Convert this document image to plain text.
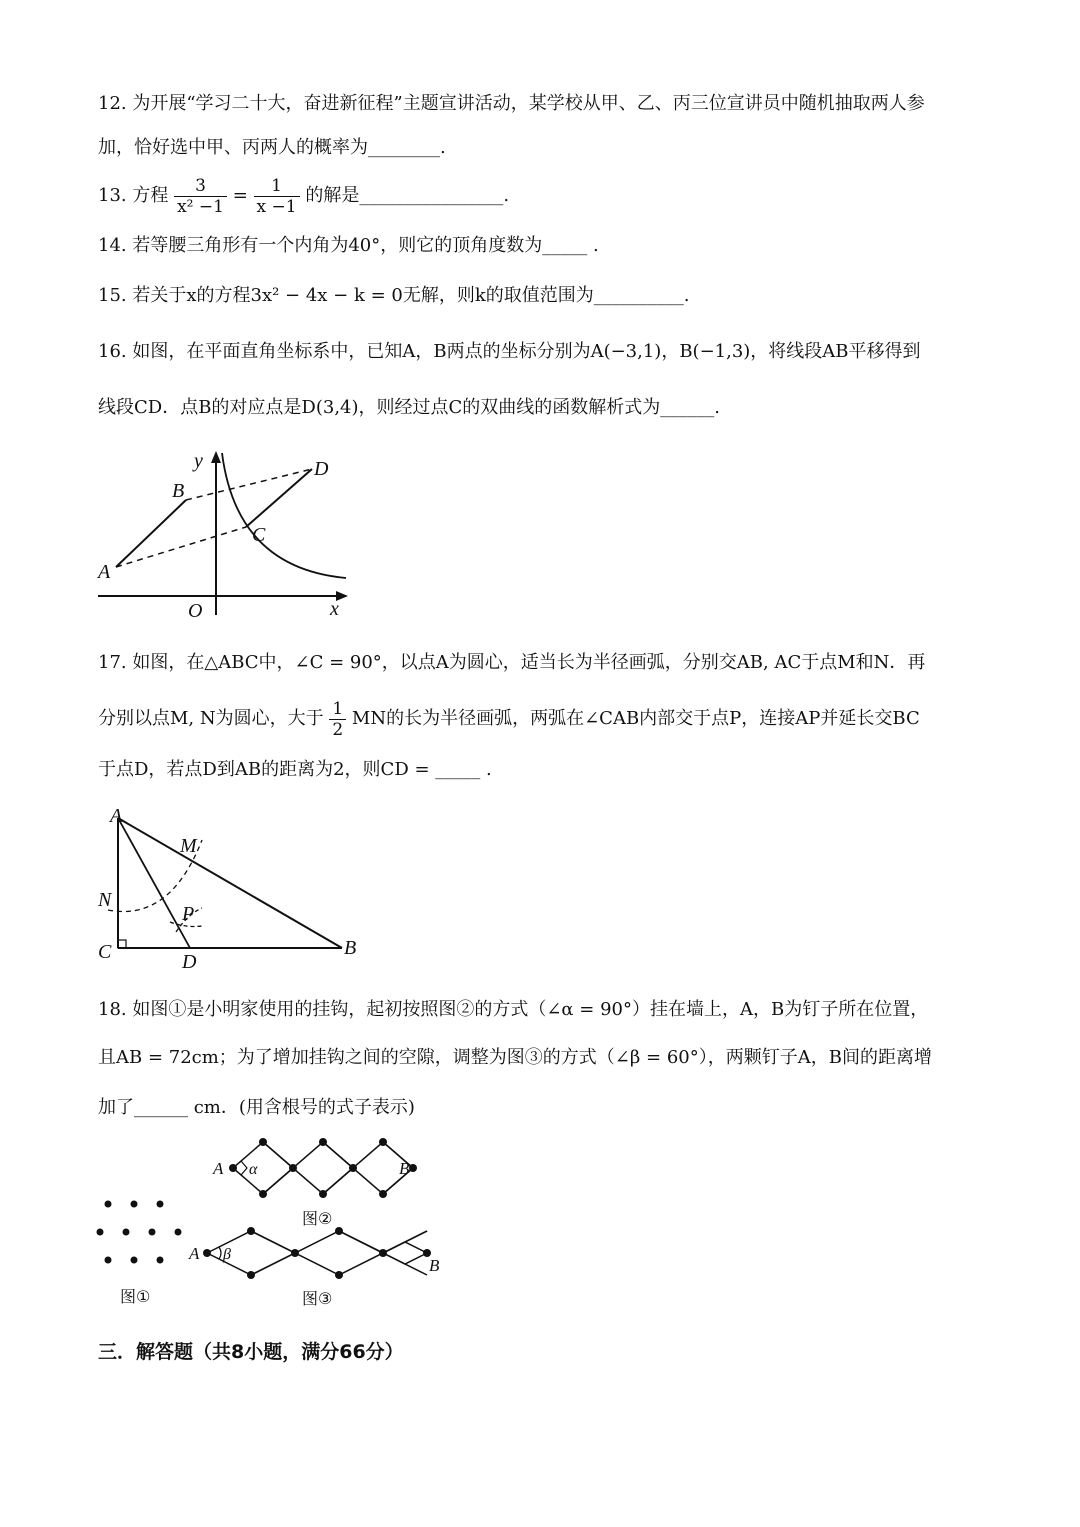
12. 为开展“学习二十大，奋进新征程”主题宣讲活动，某学校从甲、乙、丙三位宣讲员中随机抽取两人参
加，恰好选中甲、丙两人的概率为________.
13. 方程 $\frac{3}{\text{x² −1}} = \frac{1}{x -1}$ 的解是________________.
14. 若等腰三角形有一个内角为40°，则它的顶角度数为_____ .
15. 若关于x的方程3x² − 4x − k = 0无解，则k的取值范围为__________.
16. 如图，在平面直角坐标系中，已知A，B两点的坐标分别为A(−3,1)，B(−1,3)，将线段AB平移得到
线段CD．点B的对应点是D(3,4)，则经过点C的双曲线的函数解析式为______.
y
x
O
A
B
C
D
17. 如图，在△ABC中，∠C = 90°，以点A为圆心，适当长为半径画弧，分别交AB, AC于点M和N．再
分别以点M, N为圆心，大于 $\frac{1}{2}$ MN的长为半径画弧，两弧在∠CAB内部交于点P，连接AP并延长交BC
于点D，若点D到AB的距离为2，则CD = _____ .
A
M
N
P
C	D
B
18. 如图①是小明家使用的挂钩，起初按照图②的方式（∠α = 90°）挂在墙上，A，B为钉子所在位置，
且AB = 72cm；为了增加挂钩之间的空隙，调整为图③的方式（∠β = 60°），两颗钉子A，B间的距离增
加了______ cm．(用含根号的式子表示)
图①
A α	B
图②
A β
B
图③
三．解答题（共8小题，满分66分）
